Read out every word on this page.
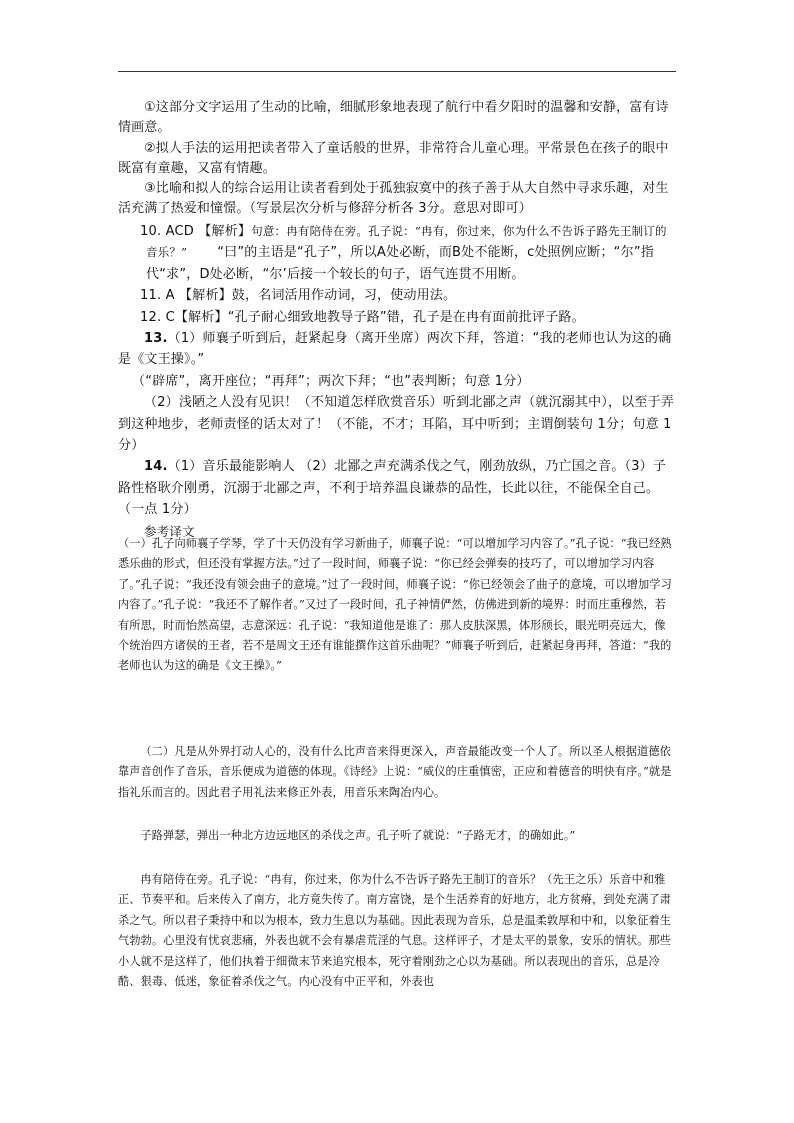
①这部分文字运用了生动的比喻，细腻形象地表现了航行中看夕阳时的温馨和安静，富有诗情画意。

②拟人手法的运用把读者带入了童话般的世界，非常符合儿童心理。平常景色在孩子的眼中既富有童趣，又富有情趣。

③比喻和拟人的综合运用让读者看到处于孤独寂寞中的孩子善于从大自然中寻求乐趣，对生活充满了热爱和憧憬。（写景层次分析与修辞分析各 3分。意思对即可）

10. ACD 【解析】句意：冉有陪侍在旁。孔子说：“冉有，你过来，你为什么不告诉子路先王制订的音乐？” “曰”的主语是“孔子”，所以A处必断，而B处不能断，c处照例应断；“尔”指代“求”，D处必断，“尔’后接一个较长的句子，语气连贯不用断。

11. A 【解析】鼓，名词活用作动词，习，使动用法。

12. C【解析】“孔子耐心细致地教导子路”错，孔子是在冉有面前批评子路。

13.（1）师襄子听到后，赶紧起身（离开坐席）两次下拜，答道：“我的老师也认为这的确是《文王操》。”

（“辟席”，离开座位；“再拜”；两次下拜；“也”表判断；句意 1分）

（2）浅陋之人没有见识！（不知道怎样欣赏音乐）听到北鄙之声（就沉溺其中），以至于弄到这种地步，老师责怪的话太对了！（不能，不才；耳陷，耳中听到；主谓倒装句 1分；句意 1分）

14.（1）音乐最能影响人 （2）北鄙之声充满杀伐之气，刚劲放纵，乃亡国之音。（3）子路性格耿介刚勇，沉溺于北鄙之声，不利于培养温良谦恭的品性，长此以往，不能保全自己。（一点 1分）

参考译文

（一）孔子向师襄子学琴，学了十天仍没有学习新曲子，师襄子说：“可以增加学习内容了。”孔子说：“我已经熟悉乐曲的形式，但还没有掌握方法。”过了一段时间，师襄子说：“你已经会弹奏的技巧了，可以增加学习内容了。”孔子说：“我还没有领会曲子的意境。”过了一段时间，师襄子说：“你已经领会了曲子的意境，可以增加学习内容了。”孔子说：“我还不了解作者。”又过了一段时间，孔子神情俨然，仿佛进到新的境界：时而庄重穆然，若有所思，时而怡然高望，志意深远：孔子说：“我知道他是谁了：那人皮肤深黑，体形颀长，眼光明亮远大，像个统治四方诸侯的王者，若不是周文王还有谁能撰作这首乐曲呢？”师襄子听到后，赶紧起身再拜，答道：“我的老师也认为这的确是《文王操》。”
（二）凡是从外界打动人心的，没有什么比声音来得更深入，声音最能改变一个人了。所以圣人根据道德依靠声音创作了音乐，音乐便成为道德的体现。《诗经》上说：“威仪的庄重慎密，正应和着德音的明快有序。”就是指礼乐而言的。因此君子用礼法来修正外表，用音乐来陶冶内心。
子路弹瑟，弹出一种北方边远地区的杀伐之声。孔子听了就说：“子路无才，的确如此。”
冉有陪侍在旁。孔子说：“冉有，你过来，你为什么不告诉子路先王制订的音乐？（先王之乐）乐音中和雅正、节奏平和。后来传入了南方，北方竟失传了。南方富饶，是个生活养育的好地方，北方贫瘠，到处充满了肃杀之气。所以君子秉持中和以为根本，致力生息以为基础。因此表现为音乐，总是温柔敦厚和中和，以象征着生气勃勃。心里没有忧哀悲痛，外表也就不会有暴虐荒淫的气息。这样评子，才是太平的景象，安乐的情状。那些小人就不是这样了，他们执着于细微末节来追究根本，死守着刚劲之心以为基础。所以表现出的音乐，总是冷酷、狠毒、低迷，象征着杀伐之气。内心没有中正平和，外表也
